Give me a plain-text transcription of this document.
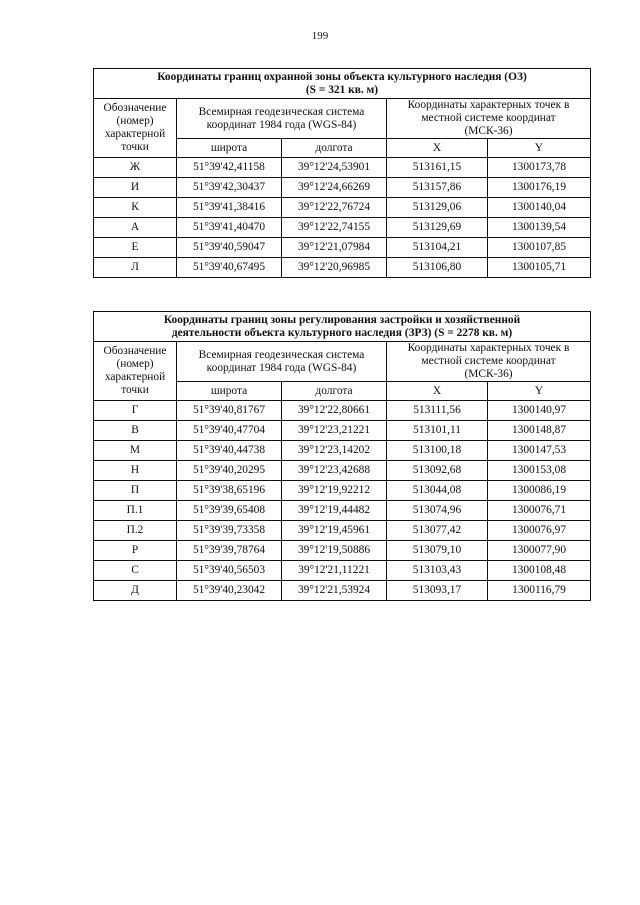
199
Координаты границ охранной зоны объекта культурного наследия (ОЗ)
(S = 321 кв. м)				

Обозначение
(номер)
характерной
точки	Всемирная геодезическая система
координат 1984 года (WGS-84)		Координаты характерных точек в
местной системе координат
(МСК-36)	
	широта	долгота	X	Y
Ж	51°39'42,41158	39°12'24,53901	513161,15	1300173,78
И	51°39'42,30437	39°12'24,66269	513157,86	1300176,19
К	51°39'41,38416	39°12'22,76724	513129,06	1300140,04
А	51°39'41,40470	39°12'22,74155	513129,69	1300139,54
Е	51°39'40,59047	39°12'21,07984	513104,21	1300107,85
Л	51°39'40,67495	39°12'20,96985	513106,80	1300105,71
Координаты границ зоны регулирования застройки и хозяйственной
деятельности объекта культурного наследия (ЗРЗ) (S = 2278 кв. м)				

Обозначение
(номер)
характерной
точки	Всемирная геодезическая система
координат 1984 года (WGS-84)		Координаты характерных точек в
местной системе координат
(МСК-36)	
	широта	долгота	X	Y
Г	51°39'40,81767	39°12'22,80661	513111,56	1300140,97
В	51°39'40,47704	39°12'23,21221	513101,11	1300148,87
М	51°39'40,44738	39°12'23,14202	513100,18	1300147,53
Н	51°39'40,20295	39°12'23,42688	513092,68	1300153,08
П	51°39'38,65196	39°12'19,92212	513044,08	1300086,19
П.1	51°39'39,65408	39°12'19,44482	513074,96	1300076,71
П.2	51°39'39,73358	39°12'19,45961	513077,42	1300076,97
Р	51°39'39,78764	39°12'19,50886	513079,10	1300077,90
С	51°39'40,56503	39°12'21,11221	513103,43	1300108,48
Д	51°39'40,23042	39°12'21,53924	513093,17	1300116,79
